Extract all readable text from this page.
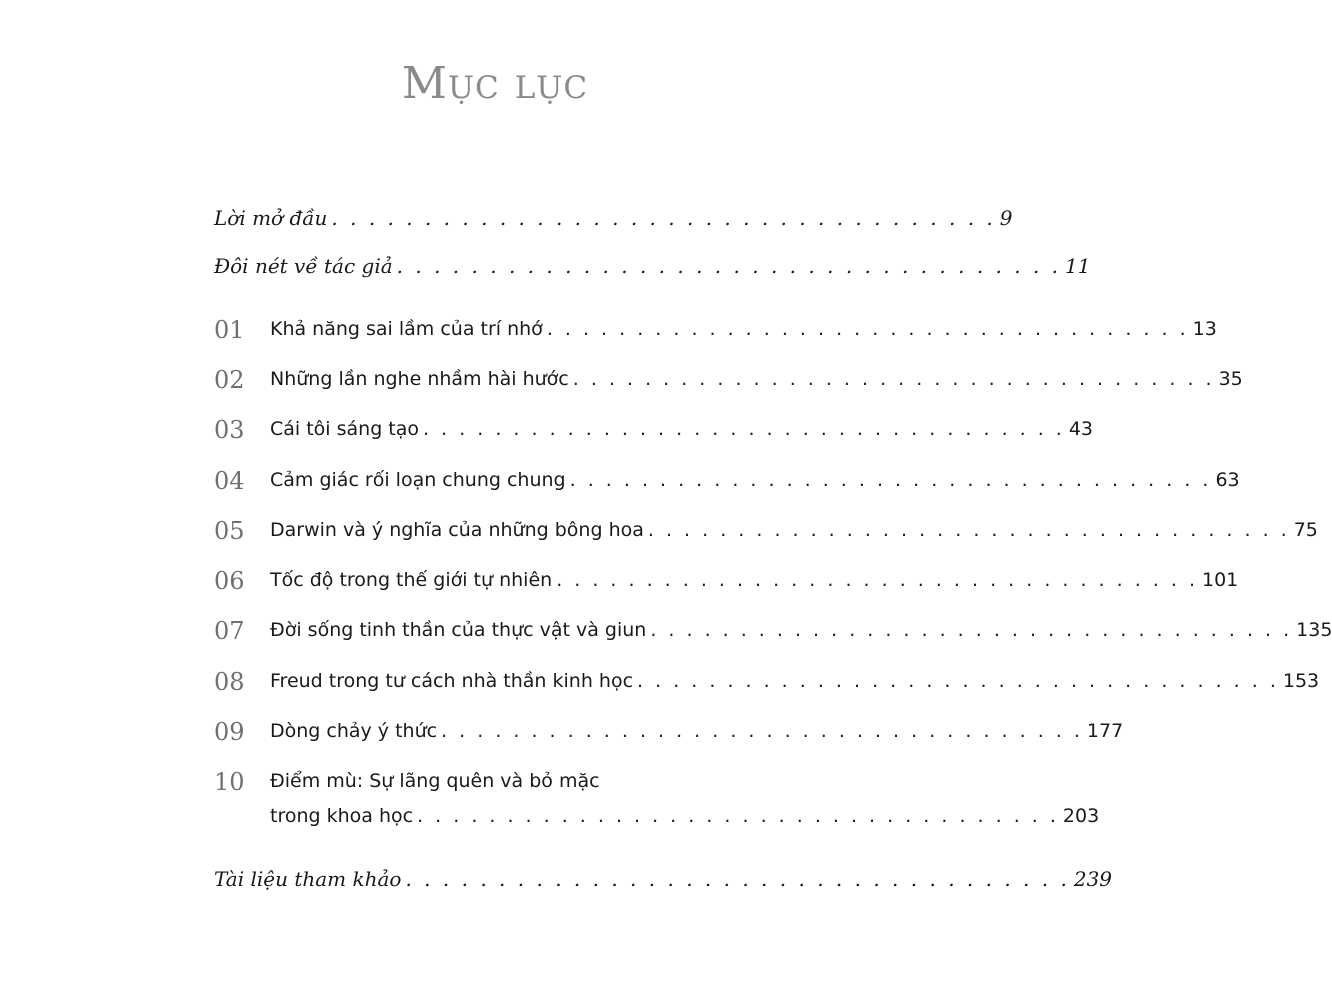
Mục lục
Lời mở đầu . . . . . . . . . . . . . . . . . . . . . . . . . . . . . . . . . . . . 9
Đôi nét về tác giả . . . . . . . . . . . . . . . . . . . . . . . . . . . . . . . . . . . . 11
01 Khả năng sai lầm của trí nhớ . . . . . . . . . . . . . . . . . . . . . . . . . . . . . . . . . . . . 13
02 Những lần nghe nhầm hài hước . . . . . . . . . . . . . . . . . . . . . . . . . . . . . . . . . . . . 35
03 Cái tôi sáng tạo . . . . . . . . . . . . . . . . . . . . . . . . . . . . . . . . . . . . 43
04 Cảm giác rối loạn chung chung . . . . . . . . . . . . . . . . . . . . . . . . . . . . . . . . . . . . 63
05 Darwin và ý nghĩa của những bông hoa . . . . . . . . . . . . . . . . . . . . . . . . . . . . . . . . . . . . 75
06 Tốc độ trong thế giới tự nhiên . . . . . . . . . . . . . . . . . . . . . . . . . . . . . . . . . . . . 101
07 Đời sống tinh thần của thực vật và giun . . . . . . . . . . . . . . . . . . . . . . . . . . . . . . . . . . . . 135
08 Freud trong tư cách nhà thần kinh học . . . . . . . . . . . . . . . . . . . . . . . . . . . . . . . . . . . . 153
09 Dòng chảy ý thức . . . . . . . . . . . . . . . . . . . . . . . . . . . . . . . . . . . . 177
10 Điểm mù: Sự lãng quên và bỏ mặc
trong khoa học . . . . . . . . . . . . . . . . . . . . . . . . . . . . . . . . . . . . 203
Tài liệu tham khảo . . . . . . . . . . . . . . . . . . . . . . . . . . . . . . . . . . . . 239
